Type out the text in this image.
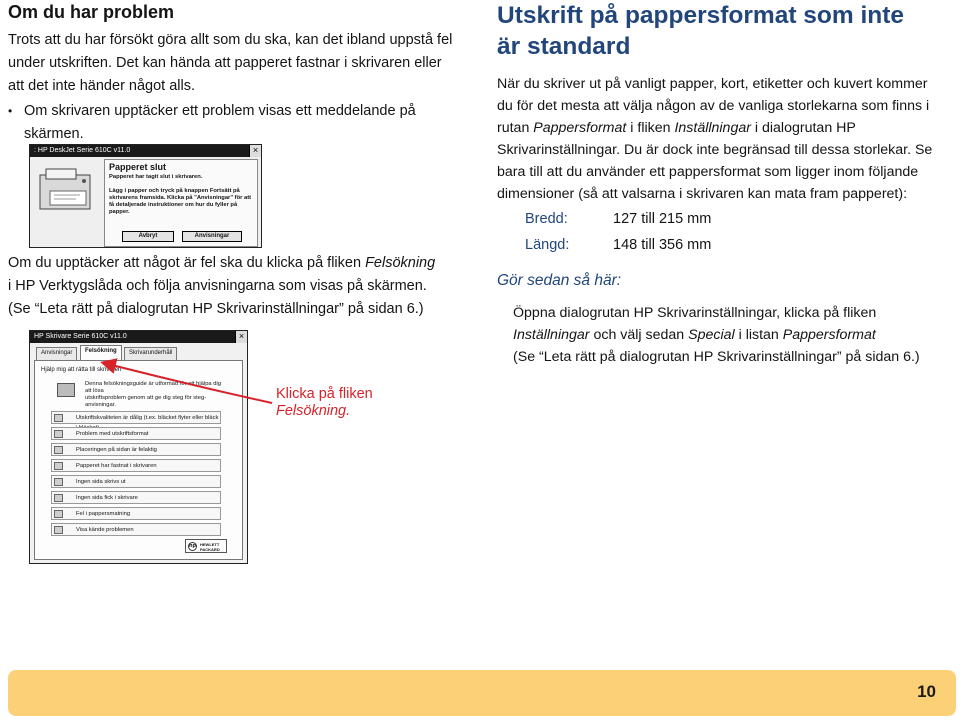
Om du har problem
Trots att du har försökt göra allt som du ska, kan det ibland uppstå fel
under utskriften. Det kan hända att papperet fastnar i skrivaren eller
att det inte händer något alls.
• Om skrivaren upptäcker ett problem visas ett meddelande på
skärmen.
: HP DeskJet Serie 610C v11.0	×
Papperet slut
Papperet har tagit slut i skrivaren.

Lägg i papper och tryck på knappen Fortsätt på
skrivarens framsida. Klicka på "Anvisningar" för att
få detaljerade instruktioner om hur du fyller på
papper.
Avbryt	Anvisningar
Om du upptäcker att något är fel ska du klicka på fliken Felsökning
i HP Verktygslåda och följa anvisningarna som visas på skärmen.
(Se “Leta rätt på dialogrutan HP Skrivarinställningar” på sidan 6.)
HP Skrivare Serie 610C v11.0	×
Anvisningar	Felsökning	Skrivarunderhåll
Hjälp mig att rätta till skrivaren
Denna felsökningsguide är utformad för att hjälpa dig att lösa
utskriftsproblem genom att ge dig steg för steg-
anvisningar.
Utskriftskvaliteten är dålig (t.ex. bläcket flyter eller bläck
Problem med utskriftsformat
Placeringen på sidan är felaktig
Papperet har fastnat i skrivaren
Ingen sida skrivs ut
Ingen sida fick i skrivare
Fel i pappersmatning
Visa kände problemen
hp HEWLETT
PACKARD
Klicka på fliken
Felsökning.
Utskrift på pappersformat som inte
är standard
När du skriver ut på vanligt papper, kort, etiketter och kuvert kommer
du för det mesta att välja någon av de vanliga storlekarna som finns i
rutan Pappersformat i fliken Inställningar i dialogrutan HP
Skrivarinställningar. Du är dock inte begränsad till dessa storlekar. Se
bara till att du använder ett pappersformat som ligger inom följande
dimensioner (så att valsarna i skrivaren kan mata fram papperet):
Bredd:	127 till 215 mm
Längd:	148 till 356 mm
Gör sedan så här:
Öppna dialogrutan HP Skrivarinställningar, klicka på fliken
Inställningar och välj sedan Special i listan Pappersformat
(Se “Leta rätt på dialogrutan HP Skrivarinställningar” på sidan 6.)
10
